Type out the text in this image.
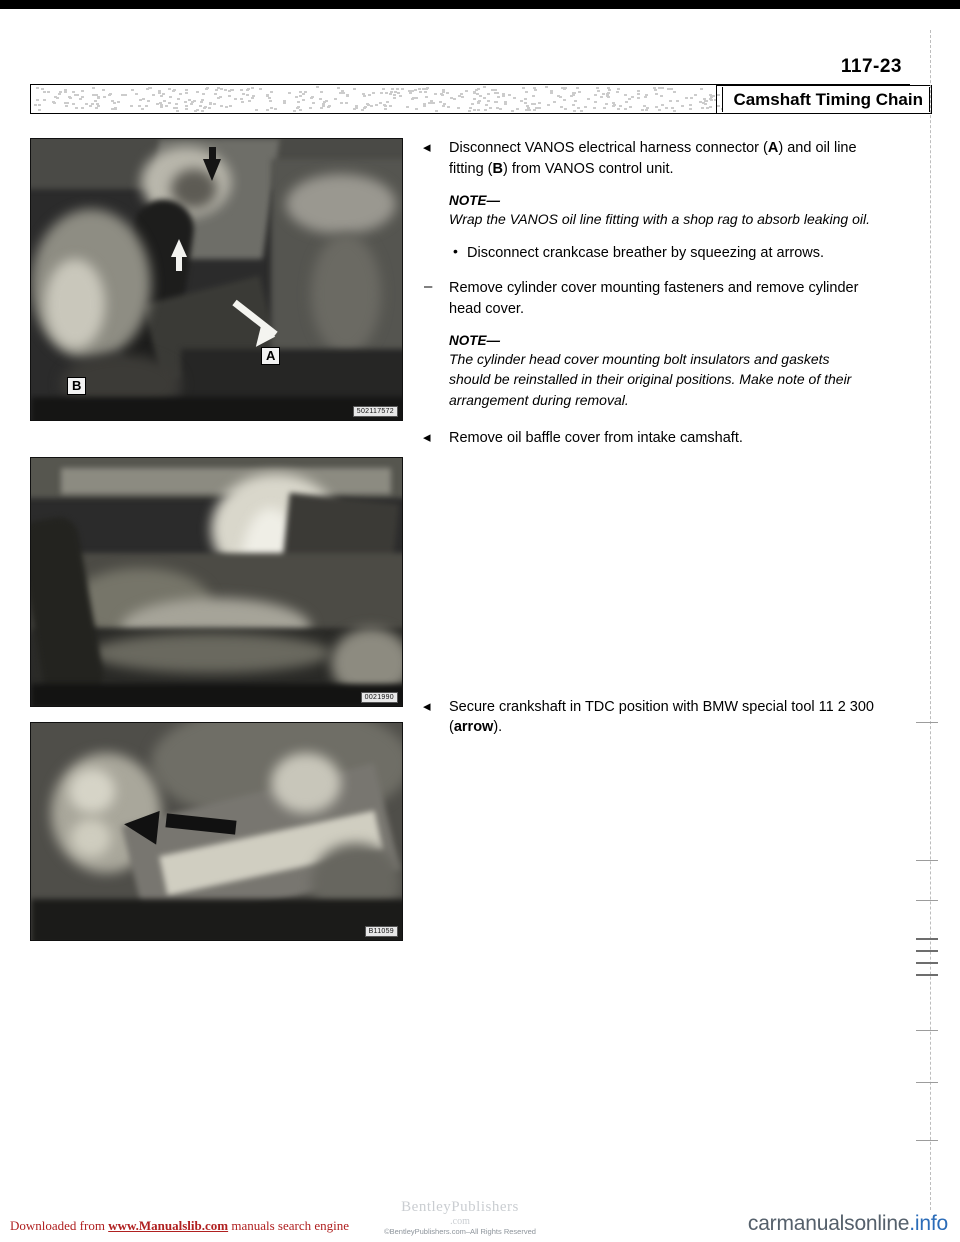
117-23
Camshaft Timing Chain
A
B
502117572
0021990
B11059
◂ Disconnect VANOS electrical harness connector (A) and oil line fitting (B) from VANOS control unit.
NOTE—
Wrap the VANOS oil line fitting with a shop rag to absorb leaking oil.
• Disconnect crankcase breather by squeezing at arrows.
– Remove cylinder cover mounting fasteners and remove cylinder head cover.
NOTE—
The cylinder head cover mounting bolt insulators and gaskets should be reinstalled in their original positions. Make note of their arrangement during removal.
◂ Remove oil baffle cover from intake camshaft.
◂ Secure crankshaft in TDC position with BMW special tool 11 2 300 (arrow).
Downloaded from www.Manualslib.com manuals search engine
BentleyPublishers
.com
©BentleyPublishers.com–All Rights Reserved	carmanualsonline.info
